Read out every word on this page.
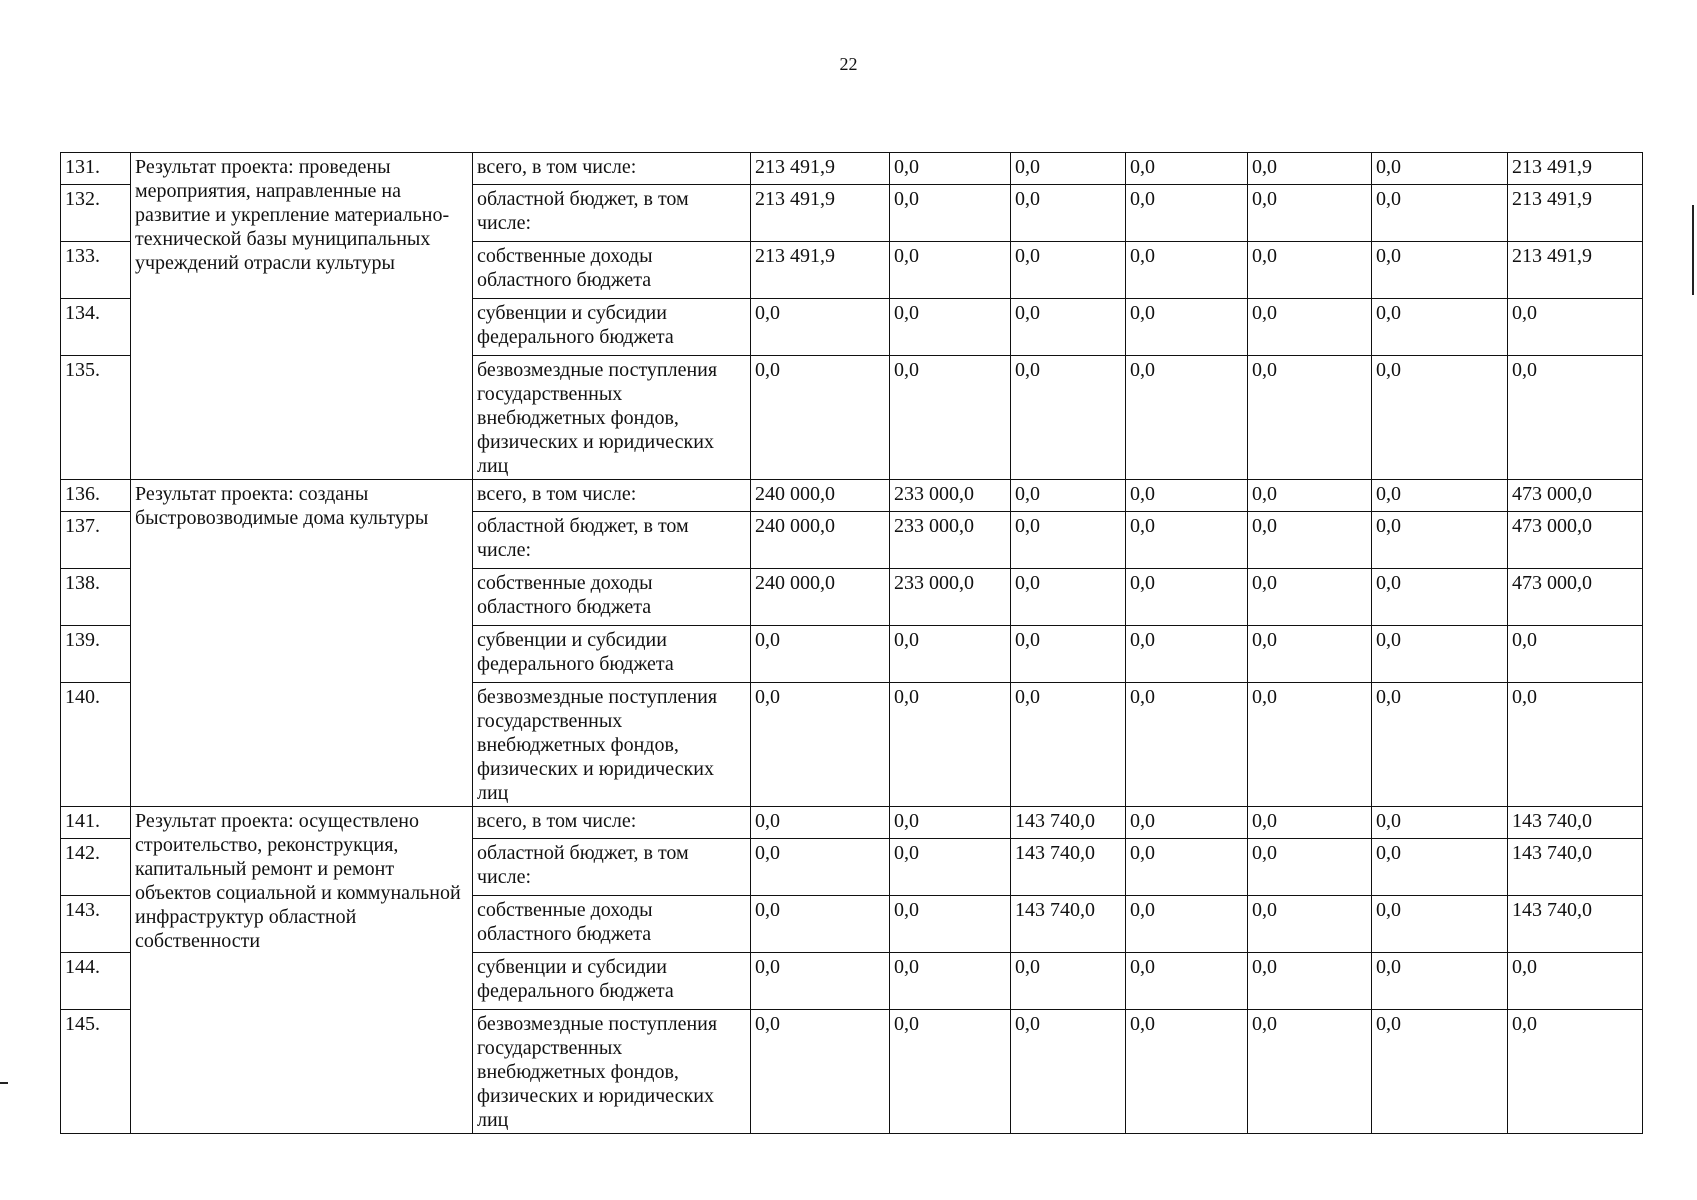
22
131.	Результат проекта: проведены мероприятия, направленные на развитие и укрепление материально-технической базы муниципальных учреждений отрасли культуры	всего, в том числе:	213 491,9	0,0	0,0	0,0	0,0	0,0	213 491,9
132.		областной бюджет, в том числе:	213 491,9	0,0	0,0	0,0	0,0	0,0	213 491,9
133.		собственные доходы областного бюджета	213 491,9	0,0	0,0	0,0	0,0	0,0	213 491,9
134.		субвенции и субсидии федерального бюджета	0,0	0,0	0,0	0,0	0,0	0,0	0,0
135.		безвозмездные поступления государственных внебюджетных фондов, физических и юридических лиц	0,0	0,0	0,0	0,0	0,0	0,0	0,0
136.	Результат проекта: созданы быстровозводимые дома культуры	всего, в том числе:	240 000,0	233 000,0	0,0	0,0	0,0	0,0	473 000,0
137.		областной бюджет, в том числе:	240 000,0	233 000,0	0,0	0,0	0,0	0,0	473 000,0
138.		собственные доходы областного бюджета	240 000,0	233 000,0	0,0	0,0	0,0	0,0	473 000,0
139.		субвенции и субсидии федерального бюджета	0,0	0,0	0,0	0,0	0,0	0,0	0,0
140.		безвозмездные поступления государственных внебюджетных фондов, физических и юридических лиц	0,0	0,0	0,0	0,0	0,0	0,0	0,0
141.	Результат проекта: осуществлено строительство, реконструкция, капитальный ремонт и ремонт объектов социальной и коммунальной инфраструктур областной собственности	всего, в том числе:	0,0	0,0	143 740,0	0,0	0,0	0,0	143 740,0
142.		областной бюджет, в том числе:	0,0	0,0	143 740,0	0,0	0,0	0,0	143 740,0
143.		собственные доходы областного бюджета	0,0	0,0	143 740,0	0,0	0,0	0,0	143 740,0
144.		субвенции и субсидии федерального бюджета	0,0	0,0	0,0	0,0	0,0	0,0	0,0
145.		безвозмездные поступления государственных внебюджетных фондов, физических и юридических лиц	0,0	0,0	0,0	0,0	0,0	0,0	0,0
